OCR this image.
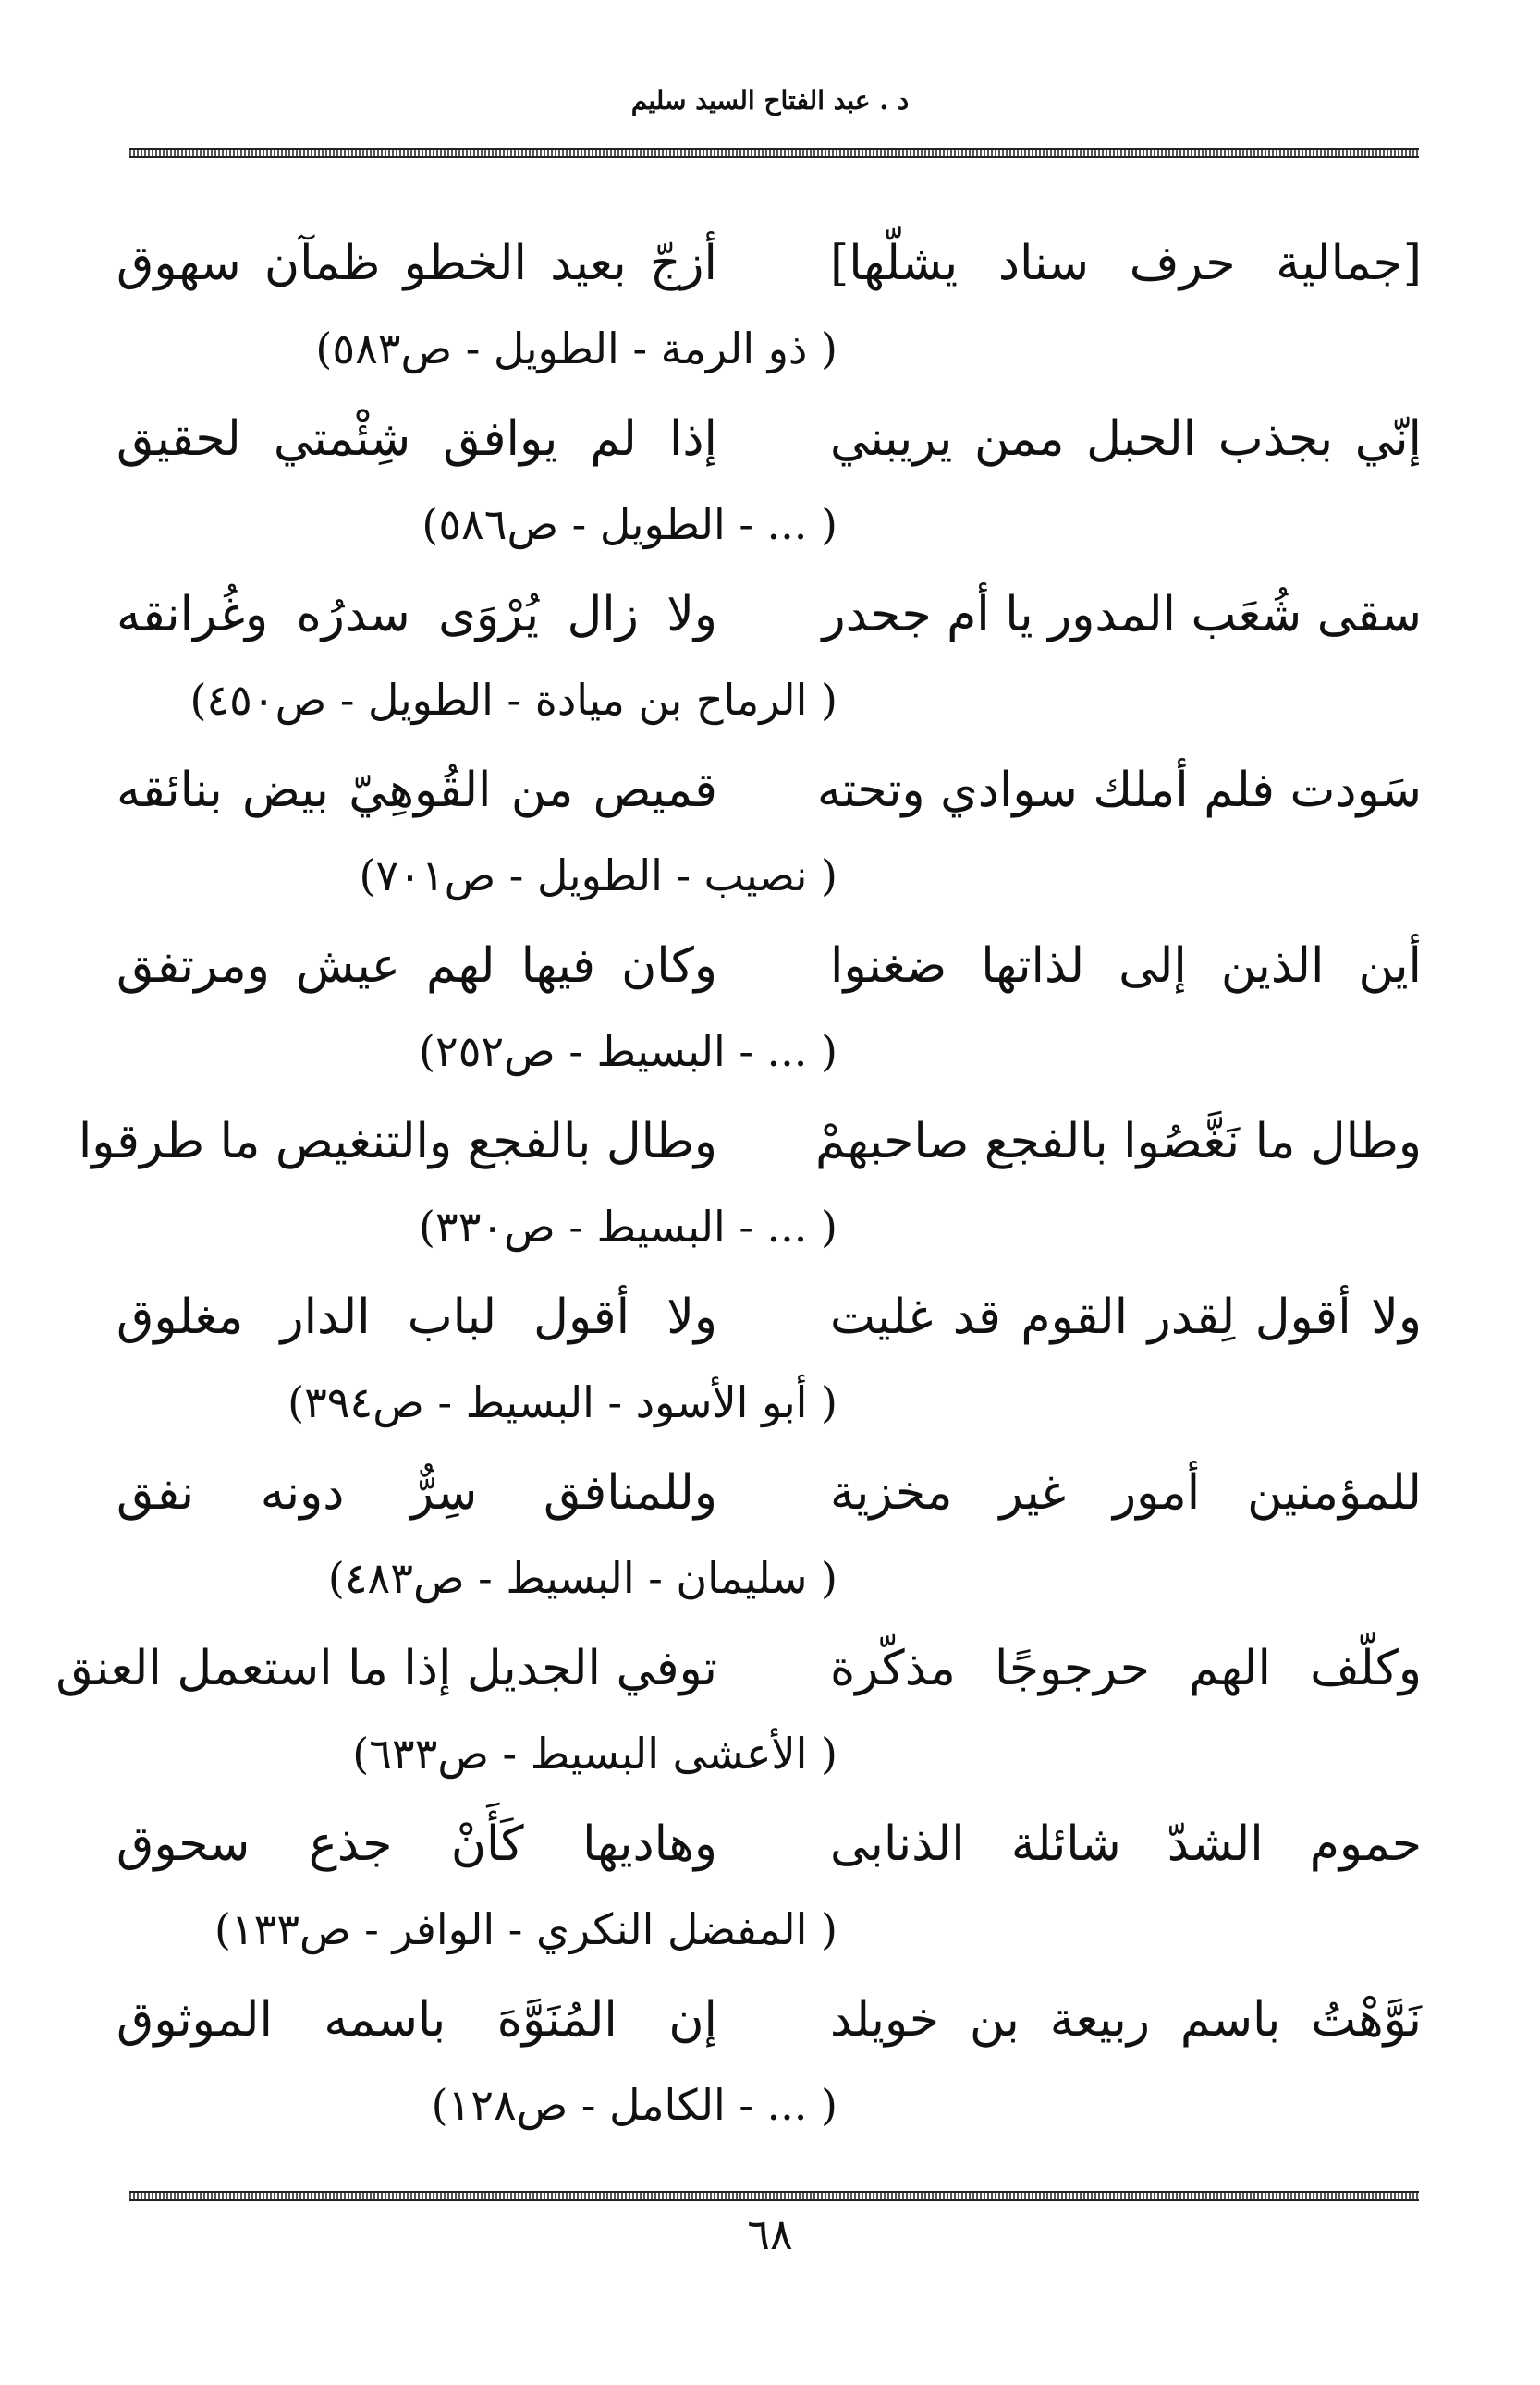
د . عبد الفتاح السيد سليم
[جمالية حرف سناد يشلّها]
أزجّ بعيد الخطو ظمآن سهوق
( ذو الرمة - الطويل - ص٥٨٣)
إنّي بجذب الحبل ممن يريبني
إذا لم يوافق شِئْمتي لحقيق
( ... - الطويل - ص٥٨٦)
سقى شُعَب المدور يا أم جحدر
ولا زال يُرْوَى سدرُه وغُرانقه
( الرماح بن ميادة - الطويل - ص٤٥٠)
سَودت فلم أملك سوادي وتحته
قميص من القُوهِيّ بيض بنائقه
( نصيب - الطويل - ص٧٠١)
أين الذين إلى لذاتها ضغنوا
وكان فيها لهم عيش ومرتفق
( ... - البسيط - ص٢٥٢)
وطال ما نَغَّصُوا بالفجع صاحبهمْ
وطال بالفجع والتنغيص ما طرقوا
( ... - البسيط - ص٣٣٠)
ولا أقول لِقدر القوم قد غليت
ولا أقول لباب الدار مغلوق
( أبو الأسود - البسيط - ص٣٩٤)
للمؤمنين أمور غير مخزية
وللمنافق سِرٌّ دونه نفق
( سليمان - البسيط - ص٤٨٣)
وكلّف الهم حرجوجًا مذكّرة
توفي الجديل إذا ما استعمل العنق
( الأعشى البسيط - ص٦٣٣)
حموم الشدّ شائلة الذنابى
وهاديها كَأَنْ جذع سحوق
( المفضل النكري - الوافر - ص١٣٣)
نَوَّهْتُ باسم ربيعة بن خويلد
إن المُنَوَّهَ باسمه الموثوق
( ... - الكامل - ص١٢٨)
٦٨
